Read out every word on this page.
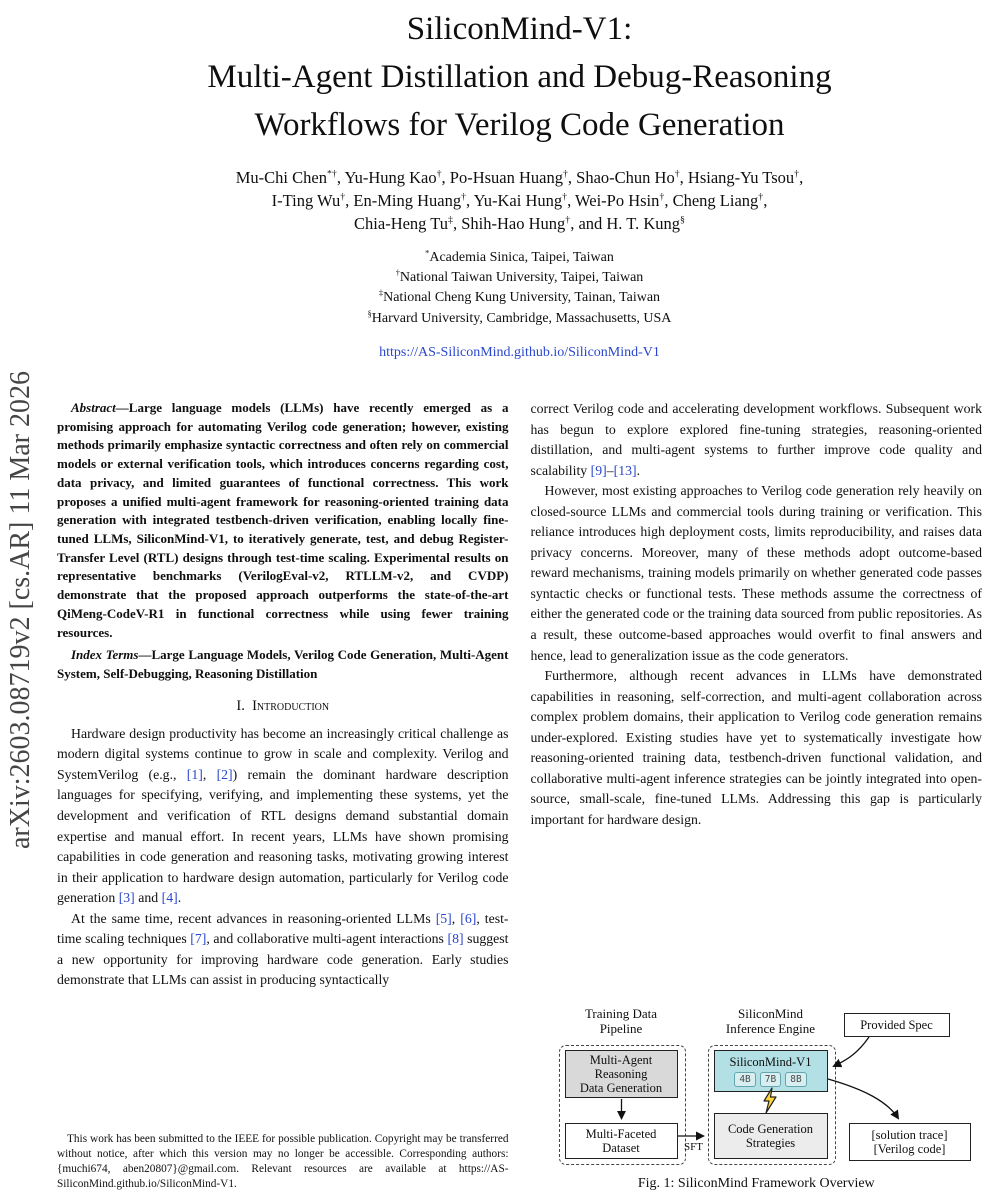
arXiv:2603.08719v2 [cs.AR] 11 Mar 2026
SiliconMind-V1:
Multi-Agent Distillation and Debug-Reasoning
Workflows for Verilog Code Generation
Mu-Chi Chen*†, Yu-Hung Kao†, Po-Hsuan Huang†, Shao-Chun Ho†, Hsiang-Yu Tsou†,
I-Ting Wu†, En-Ming Huang†, Yu-Kai Hung†, Wei-Po Hsin†, Cheng Liang†,
Chia-Heng Tu‡, Shih-Hao Hung†, and H. T. Kung§
*Academia Sinica, Taipei, Taiwan
†National Taiwan University, Taipei, Taiwan
‡National Cheng Kung University, Tainan, Taiwan
§Harvard University, Cambridge, Massachusetts, USA
https://AS-SiliconMind.github.io/SiliconMind-V1

Abstract—Large language models (LLMs) have recently emerged as a promising approach for automating Verilog code generation; however, existing methods primarily emphasize syntactic correctness and often rely on commercial models or external verification tools, which introduces concerns regarding cost, data privacy, and limited guarantees of functional correctness. This work proposes a unified multi-agent framework for reasoning-oriented training data generation with integrated testbench-driven verification, enabling locally fine-tuned LLMs, SiliconMind-V1, to iteratively generate, test, and debug Register-Transfer Level (RTL) designs through test-time scaling. Experimental results on representative benchmarks (VerilogEval-v2, RTLLM-v2, and CVDP) demonstrate that the proposed approach outperforms the state-of-the-art QiMeng-CodeV-R1 in functional correctness while using fewer training resources.

Index Terms—Large Language Models, Verilog Code Generation, Multi-Agent System, Self-Debugging, Reasoning Distillation

I. Introduction

Hardware design productivity has become an increasingly critical challenge as modern digital systems continue to grow in scale and complexity. Verilog and SystemVerilog (e.g., [1], [2]) remain the dominant hardware description languages for specifying, verifying, and implementing these systems, yet the development and verification of RTL designs demand substantial domain expertise and manual effort. In recent years, LLMs have shown promising capabilities in code generation and reasoning tasks, motivating growing interest in their application to hardware design automation, particularly for Verilog code generation [3] and [4].

At the same time, recent advances in reasoning-oriented LLMs [5], [6], test-time scaling techniques [7], and collaborative multi-agent interactions [8] suggest a new opportunity for improving hardware code generation. Early studies demonstrate that LLMs can assist in producing syntactically

This work has been submitted to the IEEE for possible publication. Copyright may be transferred without notice, after which this version may no longer be accessible. Corresponding authors: {muchi674, aben20807}@gmail.com. Relevant resources are available at https://AS-SiliconMind.github.io/SiliconMind-V1.

correct Verilog code and accelerating development workflows. Subsequent work has begun to explore explored fine-tuning strategies, reasoning-oriented distillation, and multi-agent systems to further improve code quality and scalability [9]–[13].

However, most existing approaches to Verilog code generation rely heavily on closed-source LLMs and commercial tools during training or verification. This reliance introduces high deployment costs, limits reproducibility, and raises data privacy concerns. Moreover, many of these methods adopt outcome-based reward mechanisms, training models primarily on whether generated code passes syntactic checks or functional tests. These methods assume the correctness of either the generated code or the training data sourced from public repositories. As a result, these outcome-based approaches would overfit to final answers and hence, lead to generalization issue as the code generators.

Furthermore, although recent advances in LLMs have demonstrated capabilities in reasoning, self-correction, and multi-agent collaboration across complex problem domains, their application to Verilog code generation remains under-explored. Existing studies have yet to systematically investigate how reasoning-oriented training data, testbench-driven functional validation, and collaborative multi-agent inference strategies can be jointly integrated into open-source, small-scale, fine-tuned LLMs. Addressing this gap is particularly important for hardware design.

Training Data
Pipeline
SiliconMind
Inference Engine	Provided Spec
Multi-Agent
Reasoning
Data Generation
Multi-Faceted
Dataset
SiliconMind-V1
4B	7B	8B
Code Generation
Strategies
[solution trace]
[Verilog code]
SFT
Fig. 1: SiliconMind Framework Overview
